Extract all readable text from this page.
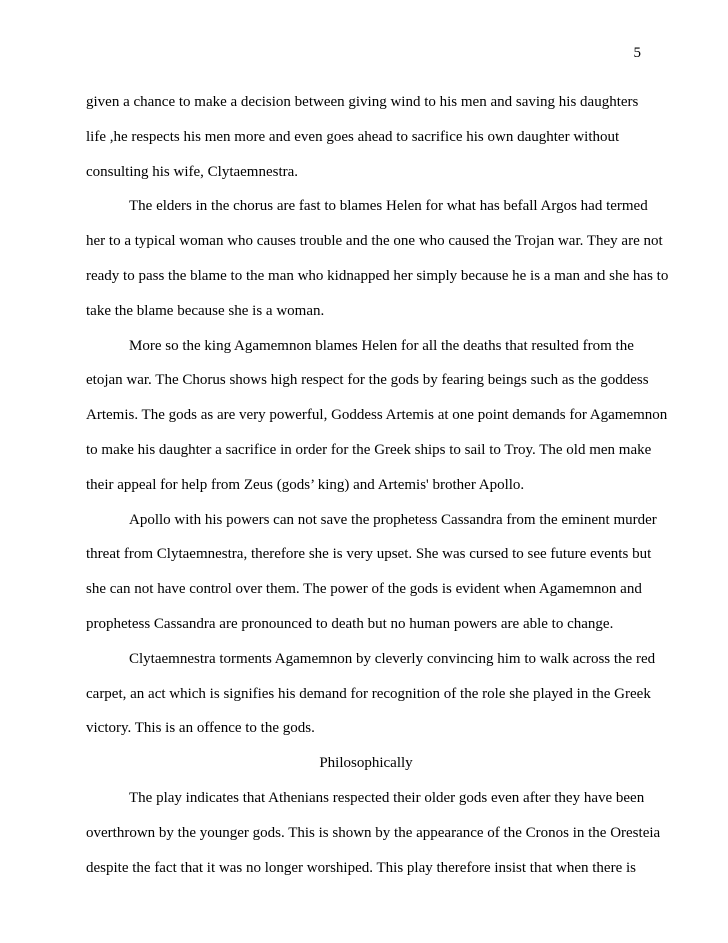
5
given a chance to make a decision between giving wind to his men and saving his daughters
life ,he respects his men more and even goes ahead to sacrifice his own daughter without
consulting his wife, Clytaemnestra.
The elders in the chorus are fast to blames Helen for what has befall Argos had termed
her to a typical woman who causes trouble and the one who caused the Trojan war. They are not
ready to pass the blame to the man who kidnapped her simply because he is a man and she has to
take the blame because she is a woman.
More so the king Agamemnon blames Helen for all the deaths that resulted from the
etojan war. The Chorus shows high respect for the gods by fearing beings such as the goddess
Artemis. The gods as are very powerful, Goddess Artemis at one point demands for Agamemnon
to make his daughter a sacrifice in order for the Greek ships to sail to Troy. The old men make
their appeal for help from Zeus (gods’ king) and Artemis' brother Apollo.
Apollo with his powers can not save the prophetess Cassandra from the eminent murder
threat from Clytaemnestra, therefore she is very upset. She was cursed to see future events but
she can not have control over them. The power of the gods is evident when Agamemnon and
prophetess Cassandra are pronounced to death but no human powers are able to change.
Clytaemnestra torments Agamemnon by cleverly convincing him to walk across the red
carpet, an act which is signifies his demand for recognition of the role she played in the Greek
victory. This is an offence to the gods.
Philosophically
The play indicates that Athenians respected their older gods even after they have been
overthrown by the younger gods. This is shown by the appearance of the Cronos in the Oresteia
despite the fact that it was no longer worshiped. This play therefore insist that when there is
